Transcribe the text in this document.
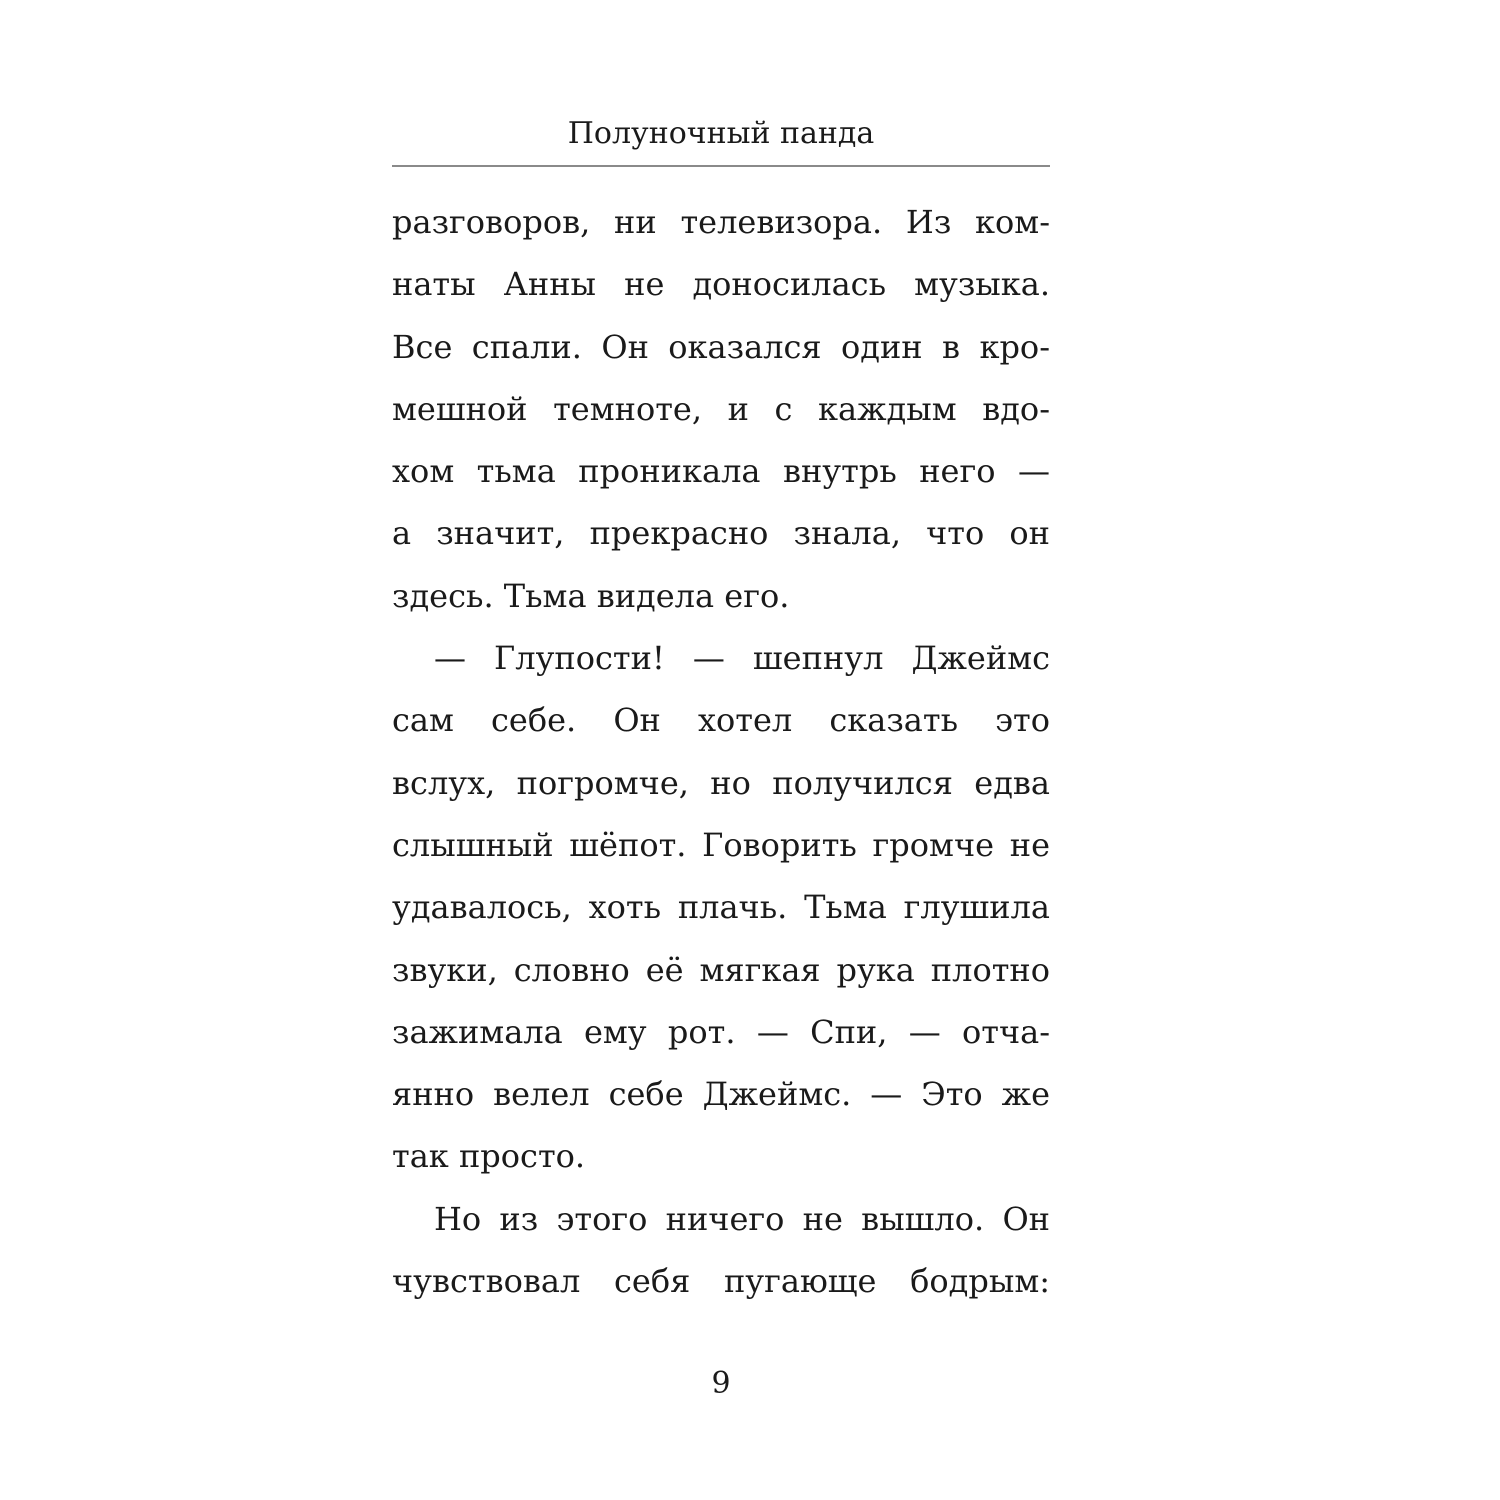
Полуночный панда
разговоров, ни телевизора. Из ком-
наты Анны не доносилась музыка.
Все спали. Он оказался один в кро-
мешной темноте, и с каждым вдо-
хом тьма проникала внутрь него —
а значит, прекрасно знала, что он
здесь. Тьма видела его.
— Глупости! — шепнул Джеймс
сам себе. Он хотел сказать это
вслух, погромче, но получился едва
слышный шёпот. Говорить громче не
удавалось, хоть плачь. Тьма глушила
звуки, словно её мягкая рука плотно
зажимала ему рот. — Спи, — отча-
янно велел себе Джеймс. — Это же
так просто.
Но из этого ничего не вышло. Он
чувствовал себя пугающе бодрым:
9
